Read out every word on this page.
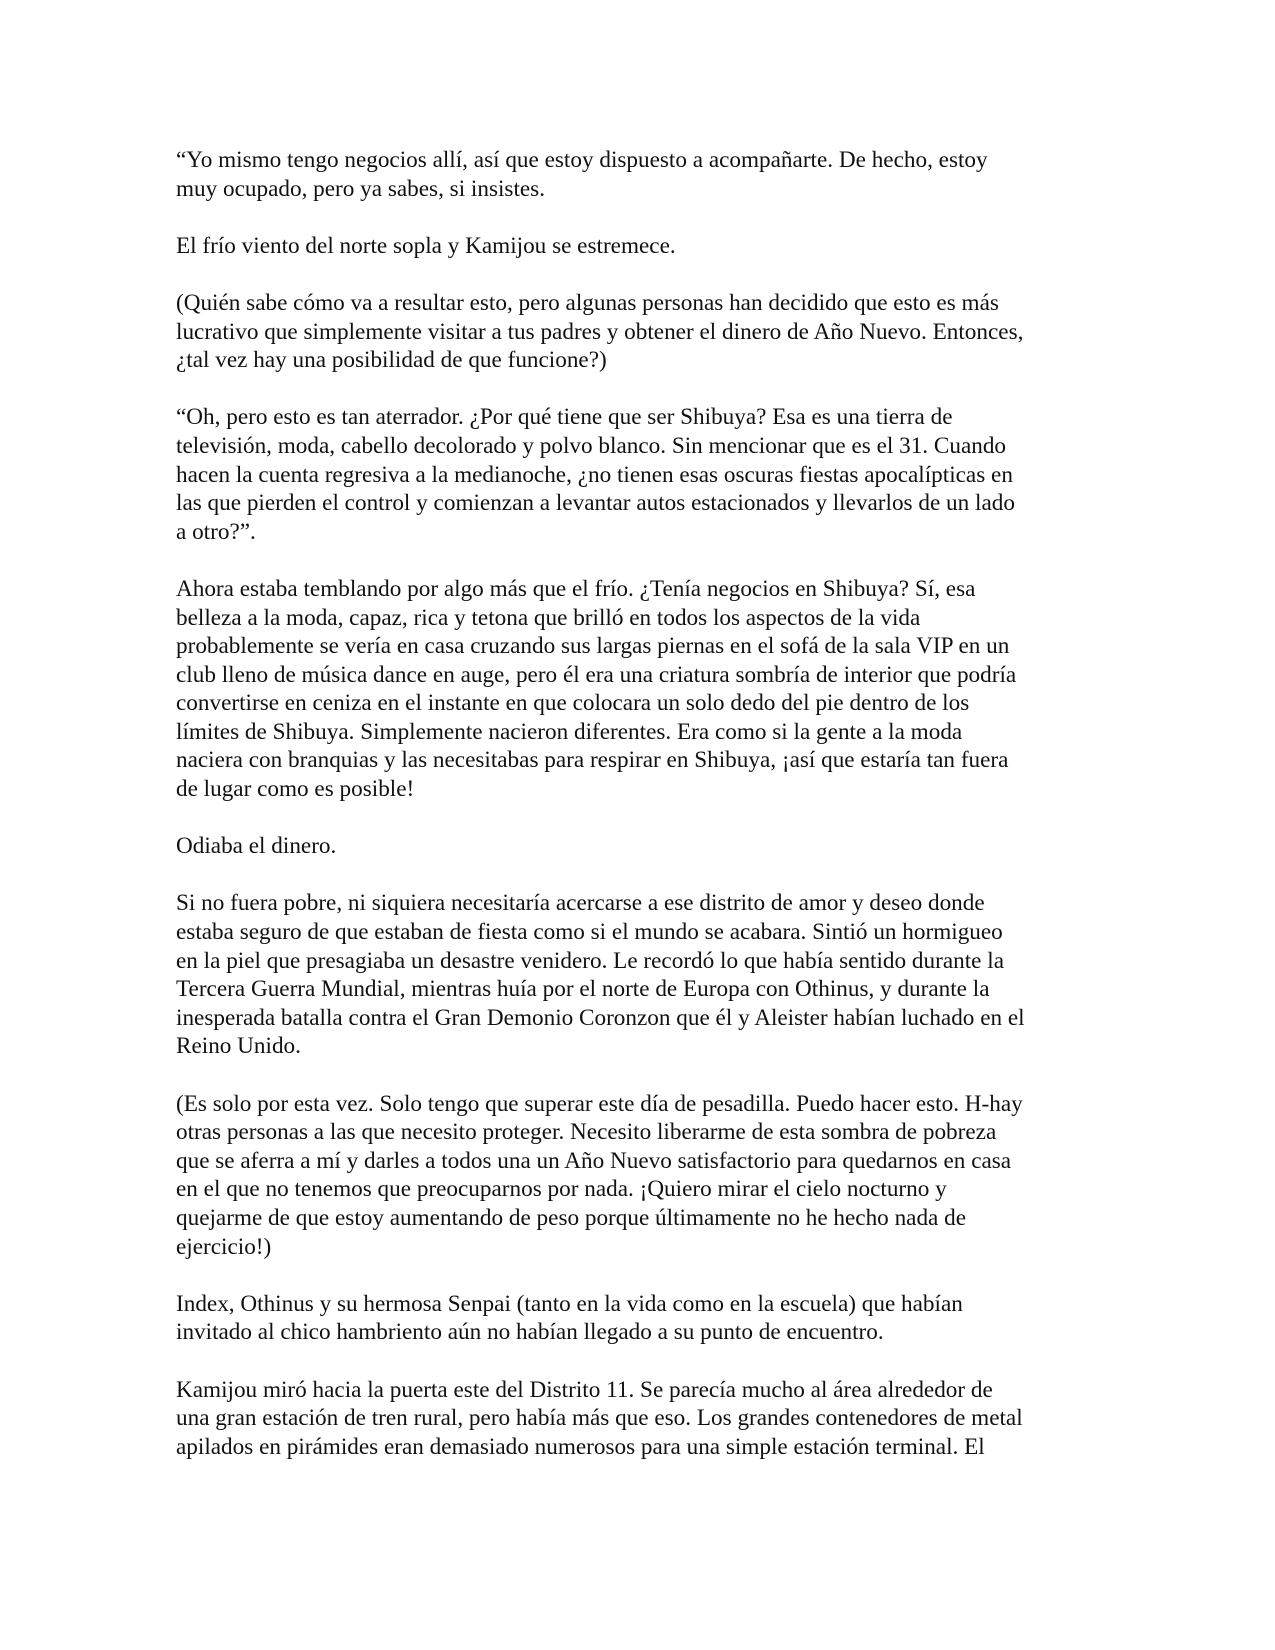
“Yo mismo tengo negocios allí, así que estoy dispuesto a acompañarte. De hecho, estoy
muy ocupado, pero ya sabes, si insistes.

El frío viento del norte sopla y Kamijou se estremece.

(Quién sabe cómo va a resultar esto, pero algunas personas han decidido que esto es más
lucrativo que simplemente visitar a tus padres y obtener el dinero de Año Nuevo. Entonces,
¿tal vez hay una posibilidad de que funcione?)

“Oh, pero esto es tan aterrador. ¿Por qué tiene que ser Shibuya? Esa es una tierra de
televisión, moda, cabello decolorado y polvo blanco. Sin mencionar que es el 31. Cuando
hacen la cuenta regresiva a la medianoche, ¿no tienen esas oscuras fiestas apocalípticas en
las que pierden el control y comienzan a levantar autos estacionados y llevarlos de un lado
a otro?”.

Ahora estaba temblando por algo más que el frío. ¿Tenía negocios en Shibuya? Sí, esa
belleza a la moda, capaz, rica y tetona que brilló en todos los aspectos de la vida
probablemente se vería en casa cruzando sus largas piernas en el sofá de la sala VIP en un
club lleno de música dance en auge, pero él era una criatura sombría de interior que podría
convertirse en ceniza en el instante en que colocara un solo dedo del pie dentro de los
límites de Shibuya. Simplemente nacieron diferentes. Era como si la gente a la moda
naciera con branquias y las necesitabas para respirar en Shibuya, ¡así que estaría tan fuera
de lugar como es posible!

Odiaba el dinero.

Si no fuera pobre, ni siquiera necesitaría acercarse a ese distrito de amor y deseo donde
estaba seguro de que estaban de fiesta como si el mundo se acabara. Sintió un hormigueo
en la piel que presagiaba un desastre venidero. Le recordó lo que había sentido durante la
Tercera Guerra Mundial, mientras huía por el norte de Europa con Othinus, y durante la
inesperada batalla contra el Gran Demonio Coronzon que él y Aleister habían luchado en el
Reino Unido.

(Es solo por esta vez. Solo tengo que superar este día de pesadilla. Puedo hacer esto. H-hay
otras personas a las que necesito proteger. Necesito liberarme de esta sombra de pobreza
que se aferra a mí y darles a todos una un Año Nuevo satisfactorio para quedarnos en casa
en el que no tenemos que preocuparnos por nada. ¡Quiero mirar el cielo nocturno y
quejarme de que estoy aumentando de peso porque últimamente no he hecho nada de
ejercicio!)

Index, Othinus y su hermosa Senpai (tanto en la vida como en la escuela) que habían
invitado al chico hambriento aún no habían llegado a su punto de encuentro.

Kamijou miró hacia la puerta este del Distrito 11. Se parecía mucho al área alrededor de
una gran estación de tren rural, pero había más que eso. Los grandes contenedores de metal
apilados en pirámides eran demasiado numerosos para una simple estación terminal. El
